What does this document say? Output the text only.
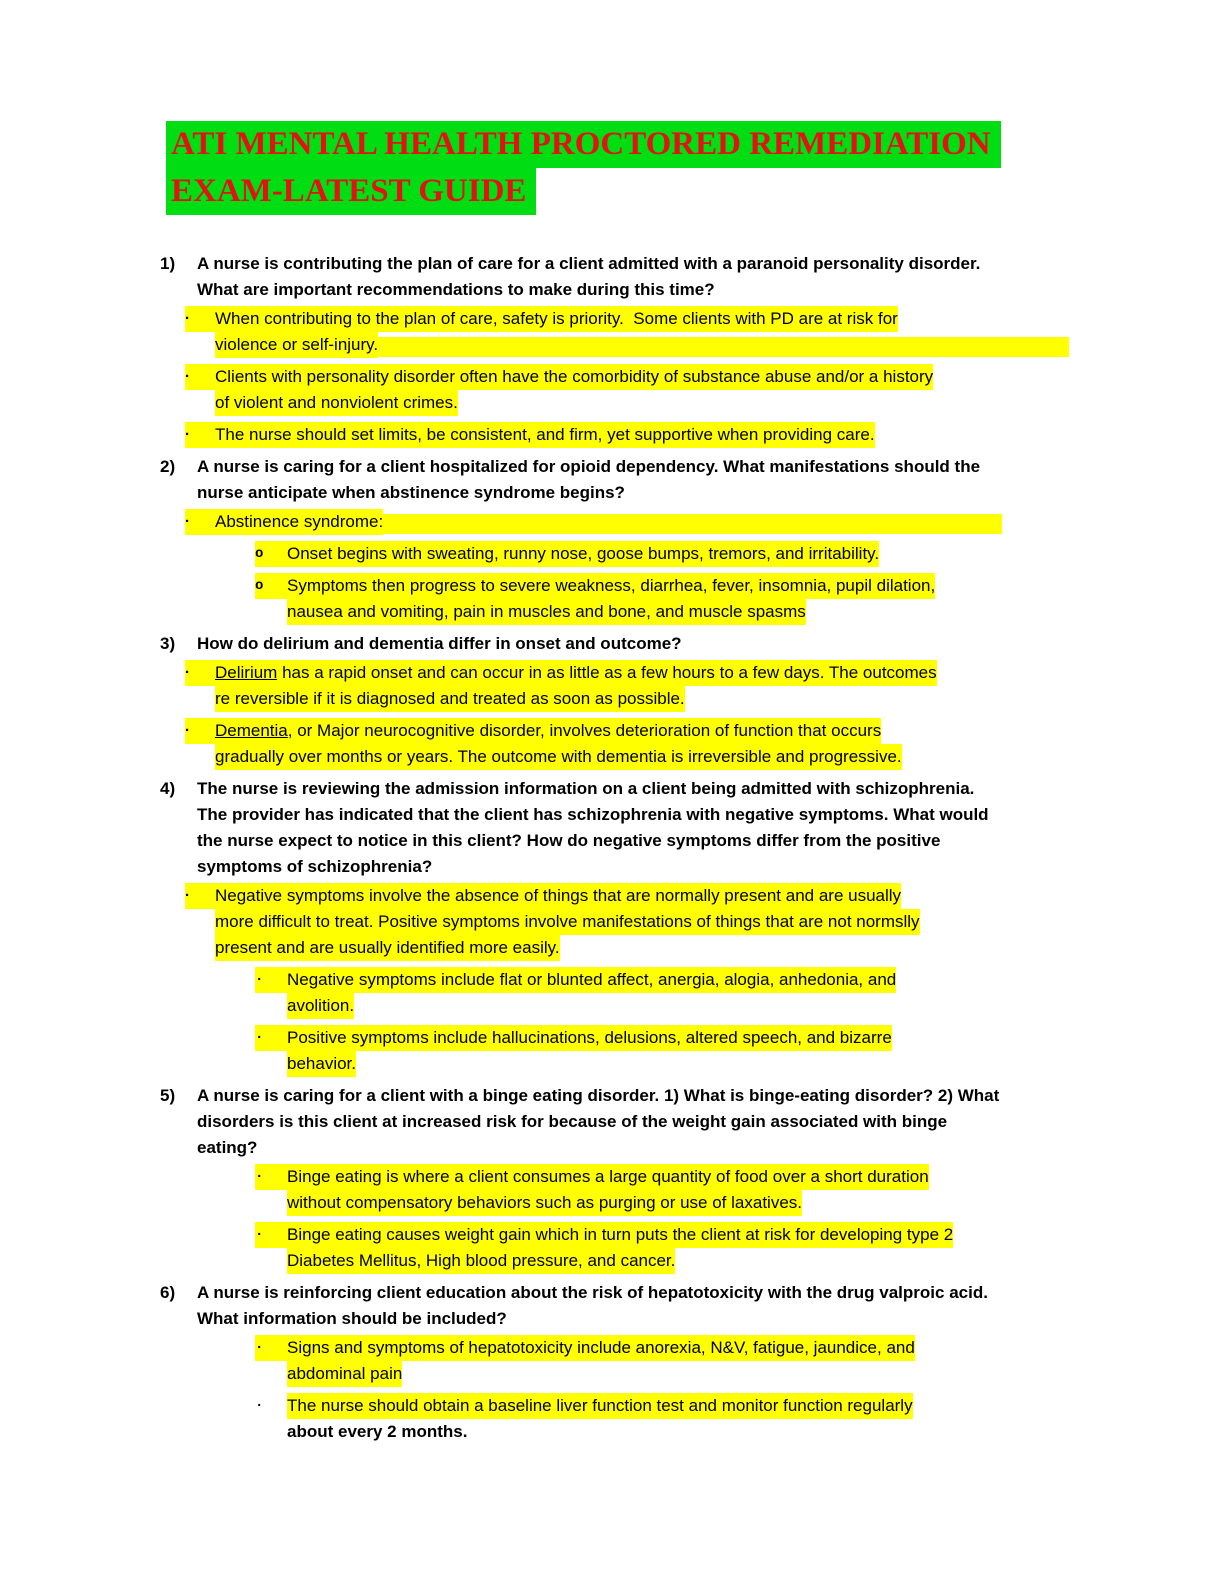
ATI MENTAL HEALTH PROCTORED REMEDIATION
EXAM-LATEST GUIDE
1)	A nurse is contributing the plan of care for a client admitted with a paranoid personality disorder.
What are important recommendations to make during this time?
·	When contributing to the plan of care, safety is priority.  Some clients with PD are at risk for
violence or self-injury.
·	Clients with personality disorder often have the comorbidity of substance abuse and/or a history
of violent and nonviolent crimes.
·	The nurse should set limits, be consistent, and firm, yet supportive when providing care.
2)	A nurse is caring for a client hospitalized for opioid dependency. What manifestations should the
nurse anticipate when abstinence syndrome begins?
·	Abstinence syndrome:
o	Onset begins with sweating, runny nose, goose bumps, tremors, and irritability.
o	Symptoms then progress to severe weakness, diarrhea, fever, insomnia, pupil dilation,
nausea and vomiting, pain in muscles and bone, and muscle spasms
3)	How do delirium and dementia differ in onset and outcome?
·	Delirium has a rapid onset and can occur in as little as a few hours to a few days. The outcomes
re reversible if it is diagnosed and treated as soon as possible.
·	Dementia , or Major neurocognitive disorder, involves deterioration of function that occurs
gradually over months or years. The outcome with dementia is irreversible and progressive.
4)	The nurse is reviewing the admission information on a client being admitted with schizophrenia.
The provider has indicated that the client has schizophrenia with negative symptoms. What would
the nurse expect to notice in this client? How do negative symptoms differ from the positive
symptoms of schizophrenia?
·	Negative symptoms involve the absence of things that are normally present and are usually
more difficult to treat. Positive symptoms involve manifestations of things that are not normslly
present and are usually identified more easily.
·	Negative symptoms include flat or blunted affect, anergia, alogia, anhedonia, and
avolition.
·	Positive symptoms include hallucinations, delusions, altered speech, and bizarre
behavior.
5)	A nurse is caring for a client with a binge eating disorder. 1) What is binge-eating disorder? 2) What
disorders is this client at increased risk for because of the weight gain associated with binge
eating?
·	Binge eating is where a client consumes a large quantity of food over a short duration
without compensatory behaviors such as purging or use of laxatives.
·	Binge eating causes weight gain which in turn puts the client at risk for developing type 2
Diabetes Mellitus, High blood pressure, and cancer.
6)	A nurse is reinforcing client education about the risk of hepatotoxicity with the drug valproic acid.
What information should be included?
·	Signs and symptoms of hepatotoxicity include anorexia, N&V, fatigue, jaundice, and
abdominal pain
·	The nurse should obtain a baseline liver function test and monitor function regularly
about every 2 months.
